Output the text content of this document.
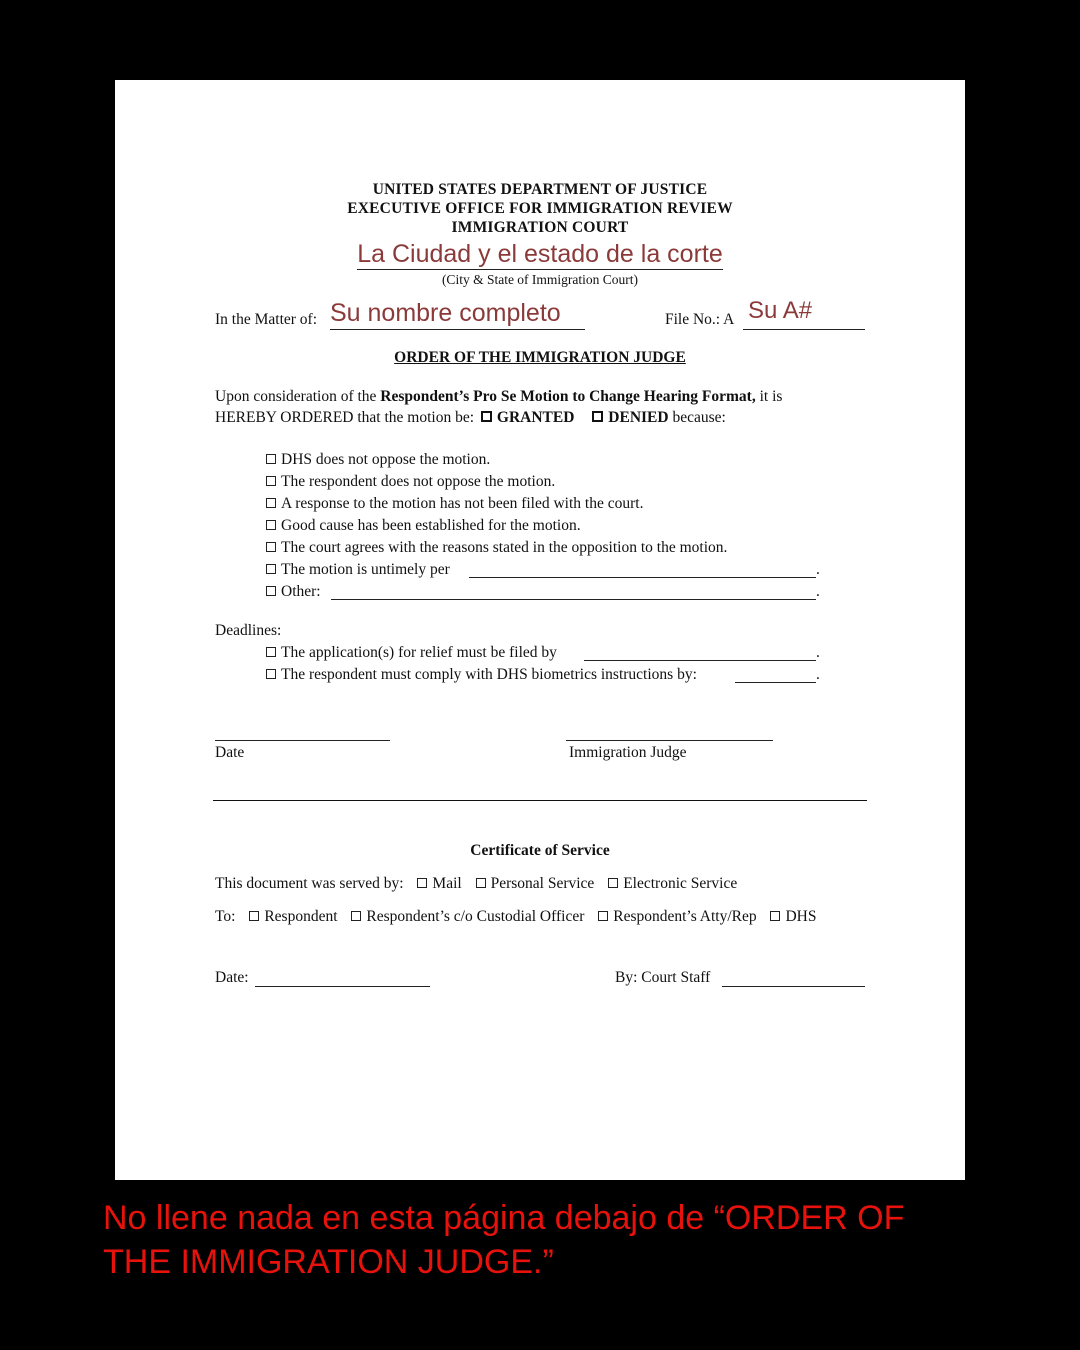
UNITED STATES DEPARTMENT OF JUSTICE
EXECUTIVE OFFICE FOR IMMIGRATION REVIEW
IMMIGRATION COURT
La Ciudad y el estado de la corte
(City & State of Immigration Court)
In the Matter of: Su nombre completo	File No.: A Su A#
ORDER OF THE IMMIGRATION JUDGE
Upon consideration of the Respondent’s Pro Se Motion to Change Hearing Format, it is
HEREBY ORDERED that the motion be: GRANTED DENIED because:
DHS does not oppose the motion.
The respondent does not oppose the motion.
A response to the motion has not been filed with the court.
Good cause has been established for the motion.
The court agrees with the reasons stated in the opposition to the motion.
The motion is untimely per	.
Other:	.
Deadlines:
The application(s) for relief must be filed by	.
The respondent must comply with DHS biometrics instructions by:	.
Date	Immigration Judge
Certificate of Service
This document was served by: Mail Personal Service Electronic Service
To: Respondent Respondent’s c/o Custodial Officer Respondent’s Atty/Rep DHS
Date:	By: Court Staff
No llene nada en esta página debajo de “ORDER OF
THE IMMIGRATION JUDGE.”
